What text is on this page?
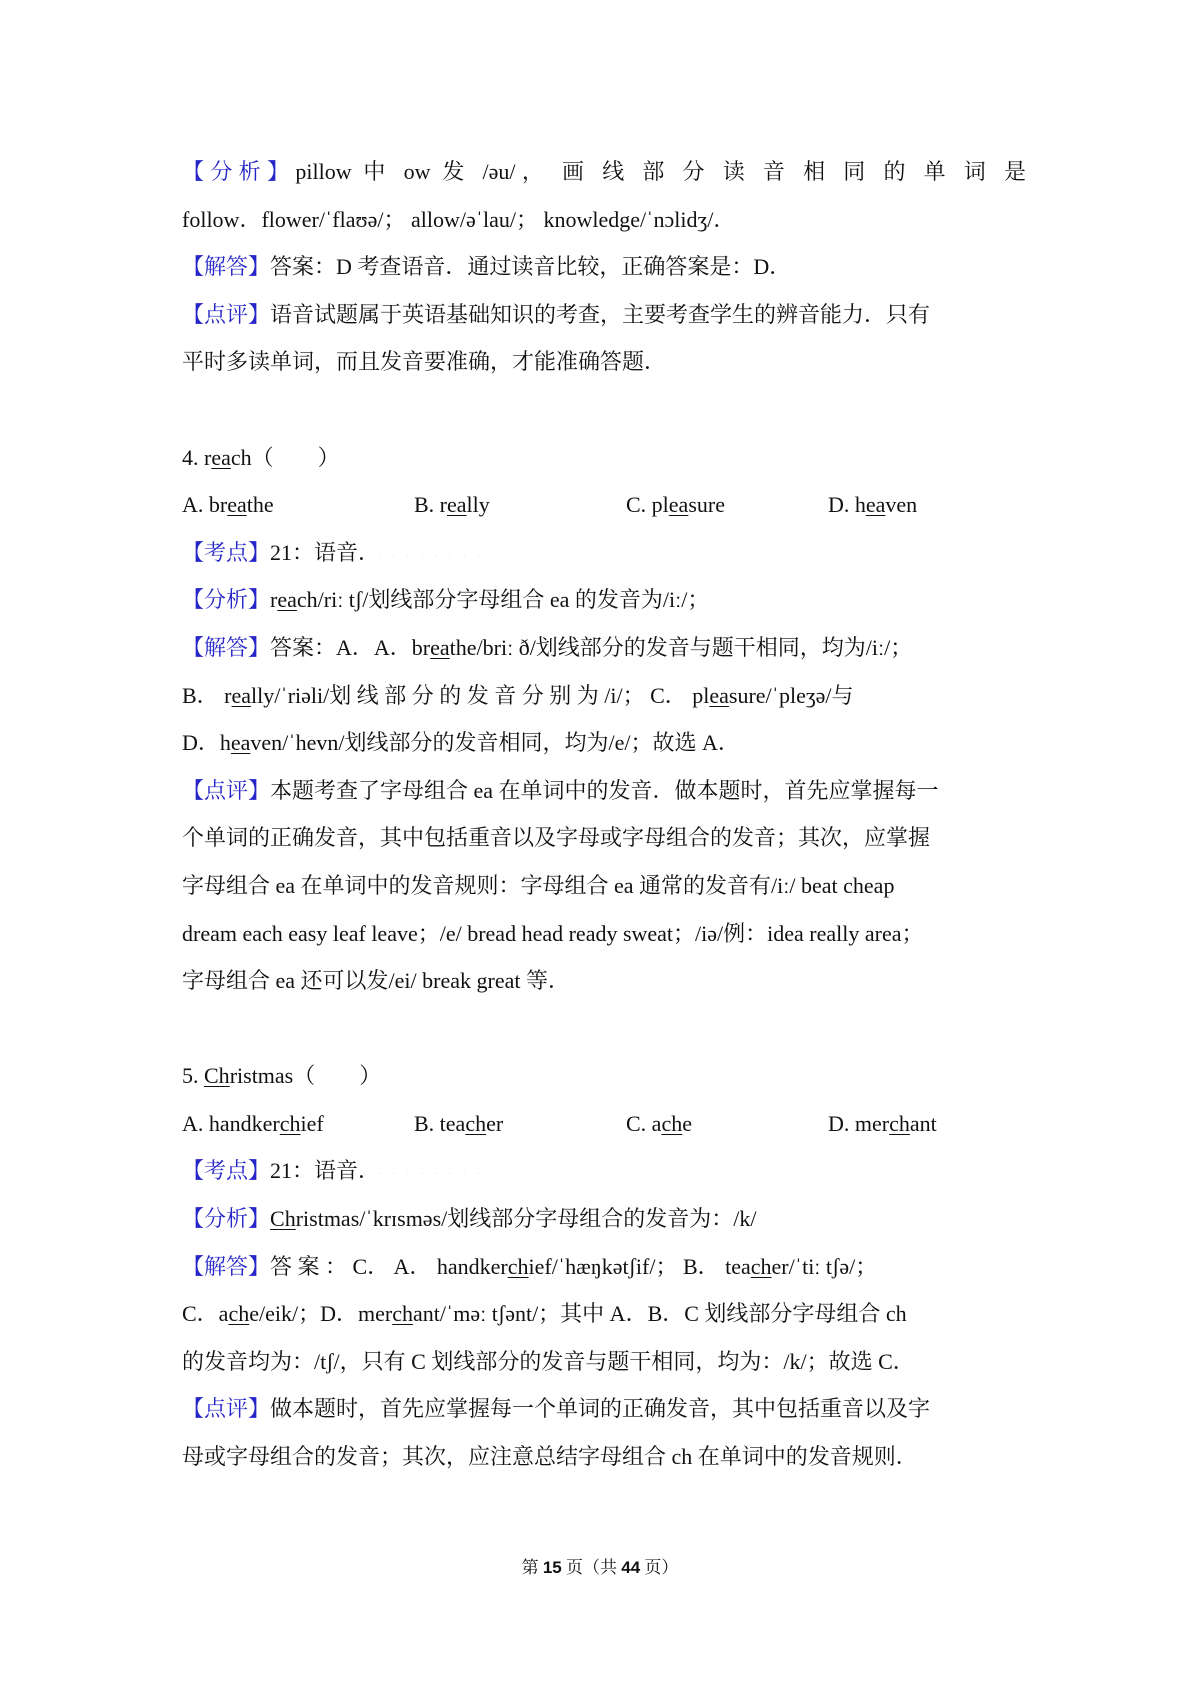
【分析】pillow 中 ow 发 /əu/， 画 线 部 分 读 音 相 同 的 单 词 是
follow．flower/ˈflaʊə/； allow/əˈlau/； knowledge/ˈnɔlidʒ/．
【解答】答案：D 考查语音．通过读音比较，正确答案是：D．
【点评】语音试题属于英语基础知识的考查，主要考查学生的辨音能力．只有
平时多读单词，而且发音要准确，才能准确答题．
4. reach（　　）
A. breathe	B. really	C. pleasure	D. heaven
【考点】21：语音． · · · · · · · ·
【分析】reach/riː tʃ/划线部分字母组合 ea 的发音为/iː/；
【解答】答案：A．A．breathe/briː ð/划线部分的发音与题干相同，均为/iː/；
B． really/ˈriəli/划 线 部 分 的 发 音 分 别 为 /i/； C． pleasure/ˈpleʒə/与
D．heaven/ˈhevn/划线部分的发音相同，均为/e/；故选 A．
【点评】本题考查了字母组合 ea 在单词中的发音．做本题时，首先应掌握每一
个单词的正确发音，其中包括重音以及字母或字母组合的发音；其次，应掌握
字母组合 ea 在单词中的发音规则：字母组合 ea 通常的发音有/iː/ beat cheap
dream each easy leaf leave；/e/ bread head ready sweat；/iə/例：idea really area；
字母组合 ea 还可以发/ei/ break great 等．
5. Christmas（　　）
A. handkerchief	B. teacher	C. ache	D. merchant
【考点】21：语音． · · · · · · · ·
【分析】Christmas/ˈkrɪsməs/划线部分字母组合的发音为：/k/
【解答】答 案 ： C． A． handkerchief/ˈhæŋkətʃif/； B． teacher/ˈtiː tʃə/；
C．ache/eik/；D．merchant/ˈməː tʃənt/；其中 A．B．C 划线部分字母组合 ch
的发音均为：/tʃ/，只有 C 划线部分的发音与题干相同，均为：/k/；故选 C．
【点评】做本题时，首先应掌握每一个单词的正确发音，其中包括重音以及字
母或字母组合的发音；其次，应注意总结字母组合 ch 在单词中的发音规则．
第 15 页（共 44 页）
